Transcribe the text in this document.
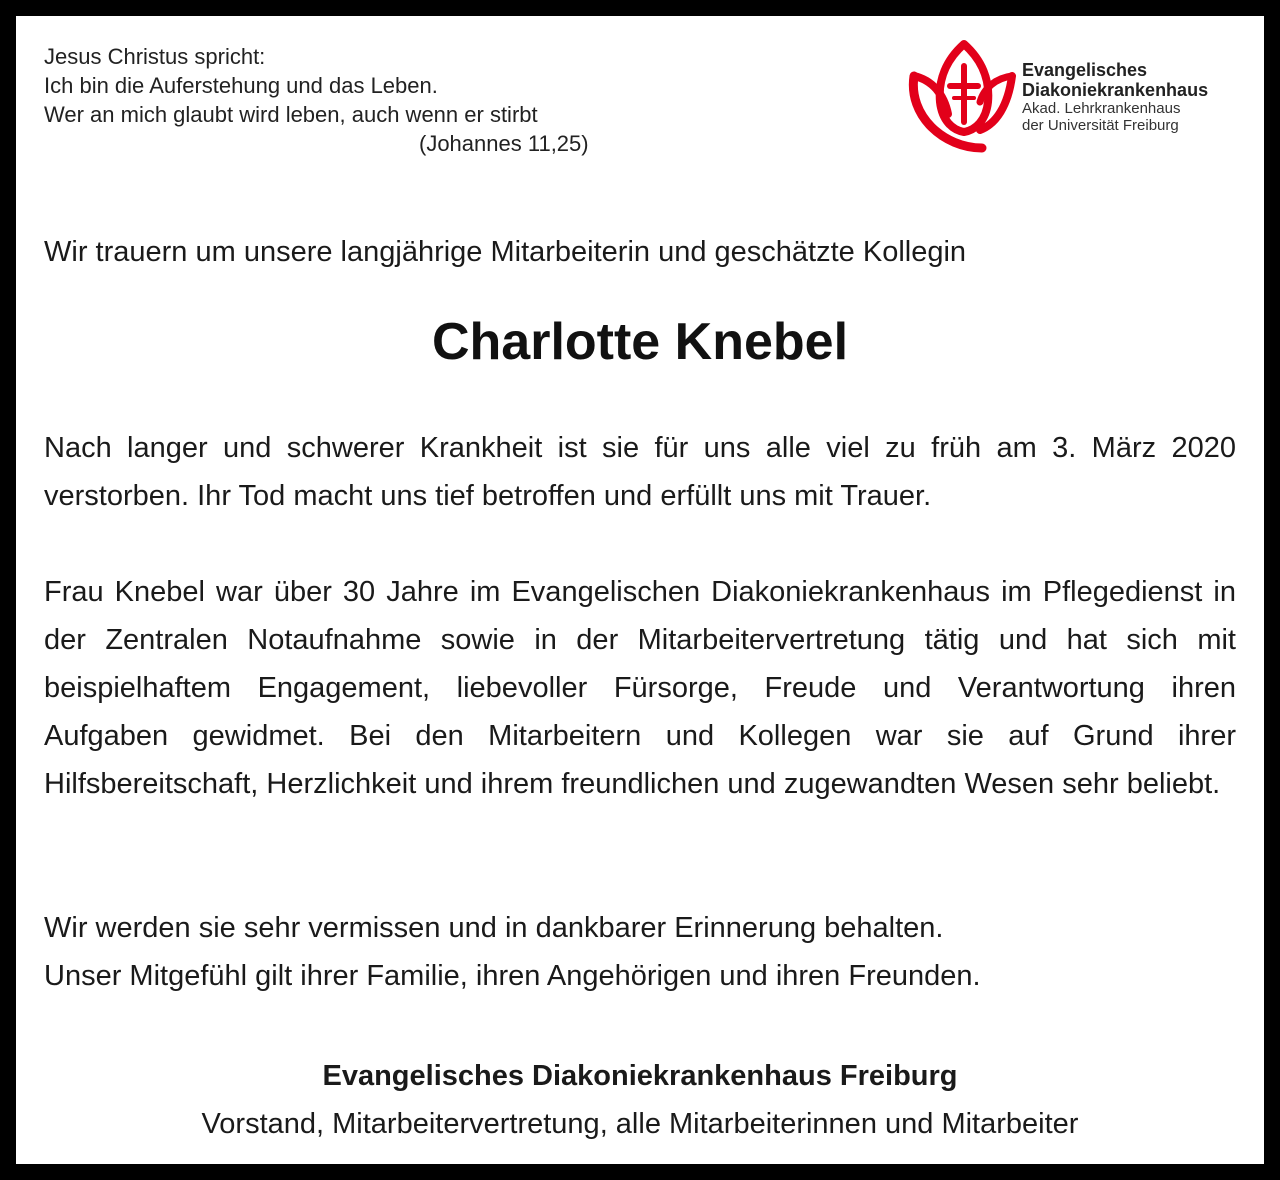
Jesus Christus spricht:
Ich bin die Auferstehung und das Leben.
Wer an mich glaubt wird leben, auch wenn er stirbt
(Johannes 11,25)
Evangelisches
Diakoniekrankenhaus
Akad. Lehrkrankenhaus
der Universität Freiburg
Wir trauern um unsere langjährige Mitarbeiterin und geschätzte Kollegin
Charlotte Knebel
Nach langer und schwerer Krankheit ist sie für uns alle viel zu früh am 3. März 2020 verstorben. Ihr Tod macht uns tief betroffen und erfüllt uns mit Trauer.
Frau Knebel war über 30 Jahre im Evangelischen Diakoniekrankenhaus im Pflegedienst in der Zentralen Notaufnahme sowie in der Mitarbeitervertretung tätig und hat sich mit beispielhaftem Engagement, liebevoller Fürsorge, Freude und Verantwortung ihren Aufgaben gewidmet. Bei den Mitarbeitern und Kollegen war sie auf Grund ihrer Hilfsbereitschaft, Herzlichkeit und ihrem freundlichen und zugewandten Wesen sehr beliebt.
Wir werden sie sehr vermissen und in dankbarer Erinnerung behalten.
Unser Mitgefühl gilt ihrer Familie, ihren Angehörigen und ihren Freunden.
Evangelisches Diakoniekrankenhaus Freiburg
Vorstand, Mitarbeitervertretung, alle Mitarbeiterinnen und Mitarbeiter
